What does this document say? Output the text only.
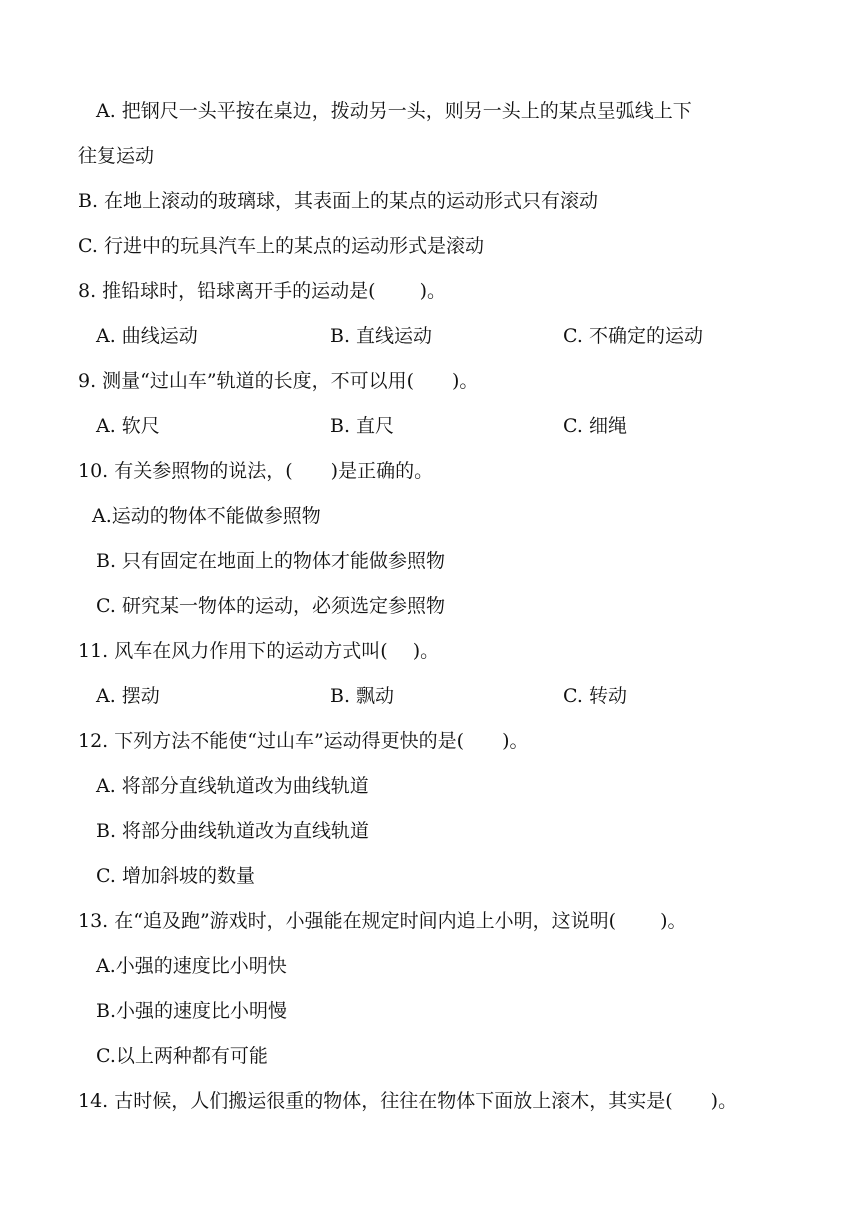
A. 把钢尺一头平按在桌边，拨动另一头，则另一头上的某点呈弧线上下
往复运动
B. 在地上滚动的玻璃球，其表面上的某点的运动形式只有滚动
C. 行进中的玩具汽车上的某点的运动形式是滚动
8. 推铅球时，铅球离开手的运动是(　　 )。
A. 曲线运动	B. 直线运动	C. 不确定的运动
9. 测量“过山车”轨道的长度，不可以用(　　)。
A. 软尺	B. 直尺	C. 细绳
10. 有关参照物的说法，(　　)是正确的。
A.运动的物体不能做参照物
B. 只有固定在地面上的物体才能做参照物
C. 研究某一物体的运动，必须选定参照物
11. 风车在风力作用下的运动方式叫(　 )。
A. 摆动	B. 飘动	C. 转动
12. 下列方法不能使“过山车”运动得更快的是(　　)。
A. 将部分直线轨道改为曲线轨道
B. 将部分曲线轨道改为直线轨道
C. 增加斜坡的数量
13. 在“追及跑”游戏时，小强能在规定时间内追上小明，这说明(　　 )。
A.小强的速度比小明快
B.小强的速度比小明慢
C.以上两种都有可能
14. 古时候，人们搬运很重的物体，往往在物体下面放上滚木，其实是(　　)。
